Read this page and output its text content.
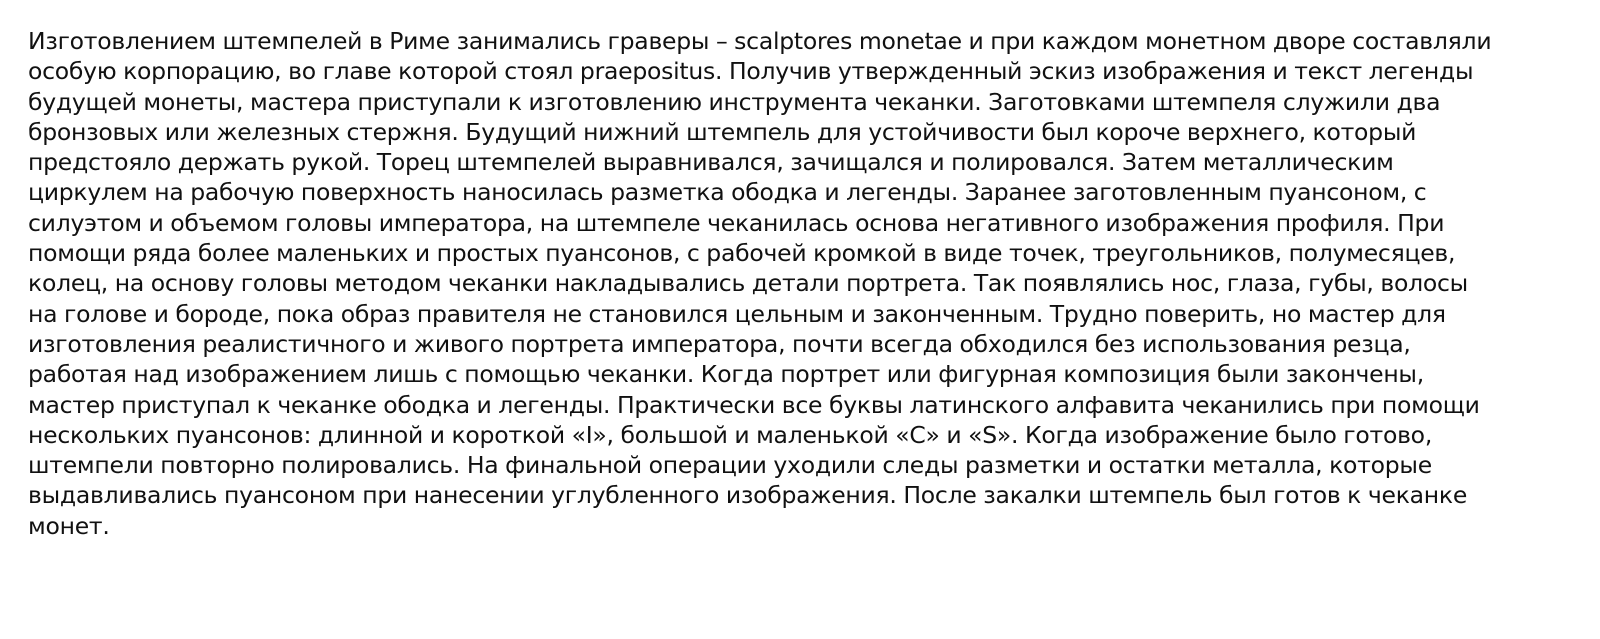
Изготовлением штемпелей в Риме занимались граверы – scalptores monetae и при каждом монетном дворе составляли
особую корпорацию, во главе которой стоял praepositus. Получив утвержденный эскиз изображения и текст легенды
будущей монеты, мастера приступали к изготовлению инструмента чеканки. Заготовками штемпеля служили два
бронзовых или железных стержня. Будущий нижний штемпель для устойчивости был короче верхнего, который
предстояло держать рукой. Торец штемпелей выравнивался, зачищался и полировался. Затем металлическим
циркулем на рабочую поверхность наносилась разметка ободка и легенды. Заранее заготовленным пуансоном, с
силуэтом и объемом головы императора, на штемпеле чеканилась основа негативного изображения профиля. При
помощи ряда более маленьких и простых пуансонов, с рабочей кромкой в виде точек, треугольников, полумесяцев,
колец, на основу головы методом чеканки накладывались детали портрета. Так появлялись нос, глаза, губы, волосы
на голове и бороде, пока образ правителя не становился цельным и законченным. Трудно поверить, но мастер для
изготовления реалистичного и живого портрета императора, почти всегда обходился без использования резца,
работая над изображением лишь с помощью чеканки. Когда портрет или фигурная композиция были закончены,
мастер приступал к чеканке ободка и легенды. Практически все буквы латинского алфавита чеканились при помощи
нескольких пуансонов: длинной и короткой «I», большой и маленькой «С» и «S». Когда изображение было готово,
штемпели повторно полировались. На финальной операции уходили следы разметки и остатки металла, которые
выдавливались пуансоном при нанесении углубленного изображения. После закалки штемпель был готов к чеканке
монет.
